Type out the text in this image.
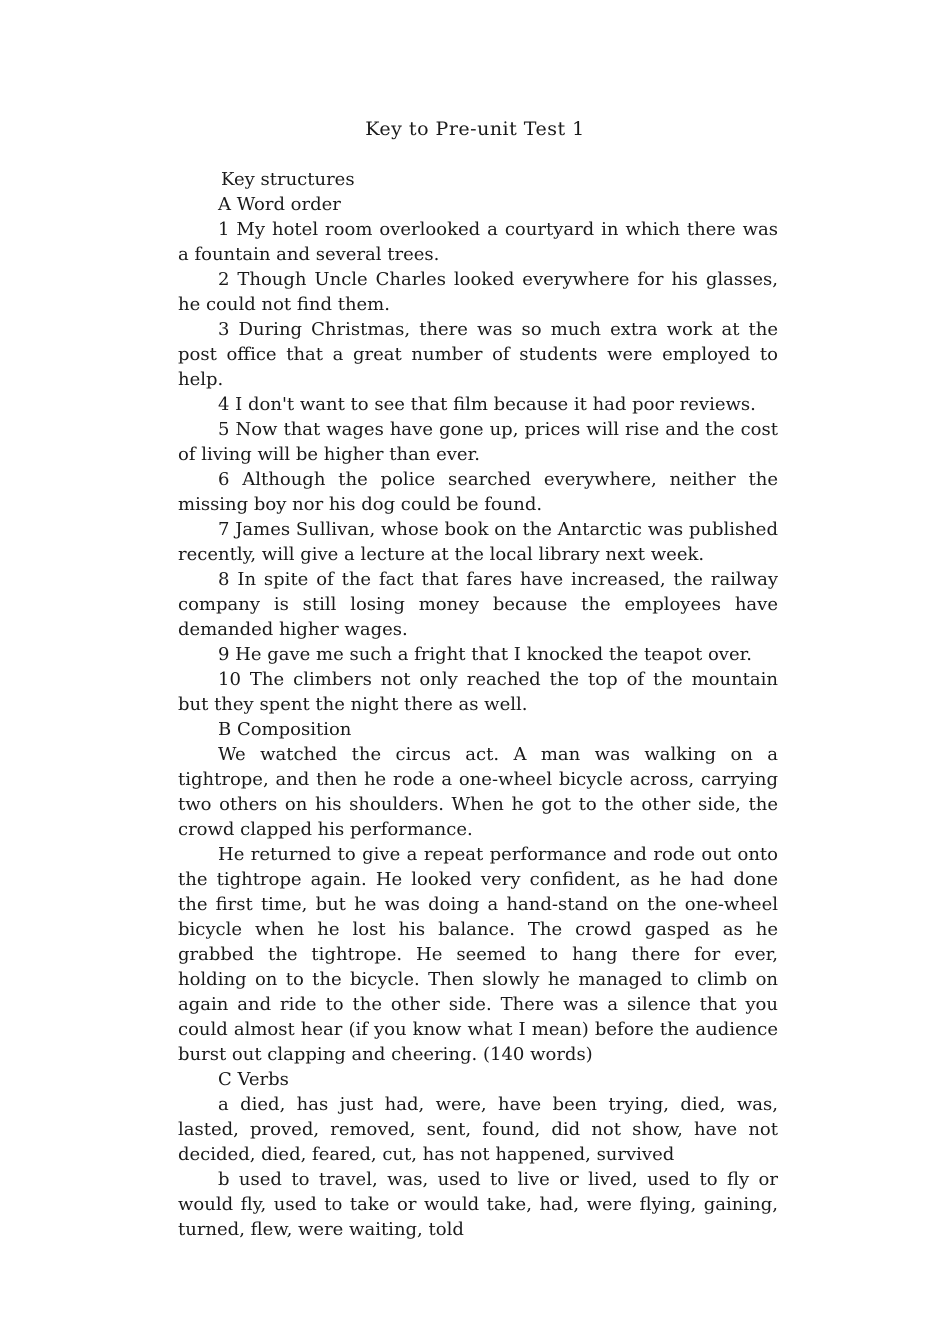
Key to Pre-unit Test 1

Key structures

A Word order

1 My hotel room overlooked a courtyard in which there was a fountain and several trees.

2 Though Uncle Charles looked everywhere for his glasses, he could not find them.

3 During Christmas, there was so much extra work at the post office that a great number of students were employed to help.

4 I don't want to see that film because it had poor reviews.

5 Now that wages have gone up, prices will rise and the cost of living will be higher than ever.

6 Although the police searched everywhere, neither the missing boy nor his dog could be found.

7 James Sullivan, whose book on the Antarctic was published recently, will give a lecture at the local library next week.

8 In spite of the fact that fares have increased, the railway company is still losing money because the employees have demanded higher wages.

9 He gave me such a fright that I knocked the teapot over.

10 The climbers not only reached the top of the mountain but they spent the night there as well.

B Composition

We watched the circus act. A man was walking on a tightrope, and then he rode a one-wheel bicycle across, carrying two others on his shoulders. When he got to the other side, the crowd clapped his performance.

He returned to give a repeat performance and rode out onto the tightrope again. He looked very confident, as he had done the first time, but he was doing a hand-stand on the one-wheel bicycle when he lost his balance. The crowd gasped as he grabbed the tightrope. He seemed to hang there for ever, holding on to the bicycle. Then slowly he managed to climb on again and ride to the other side. There was a silence that you could almost hear (if you know what I mean) before the audience burst out clapping and cheering. (140 words)

C Verbs

a died, has just had, were, have been trying, died, was, lasted, proved, removed, sent, found, did not show, have not decided, died, feared, cut, has not happened, survived

b used to travel, was, used to live or lived, used to fly or would fly, used to take or would take, had, were flying, gaining, turned, flew, were waiting, told
